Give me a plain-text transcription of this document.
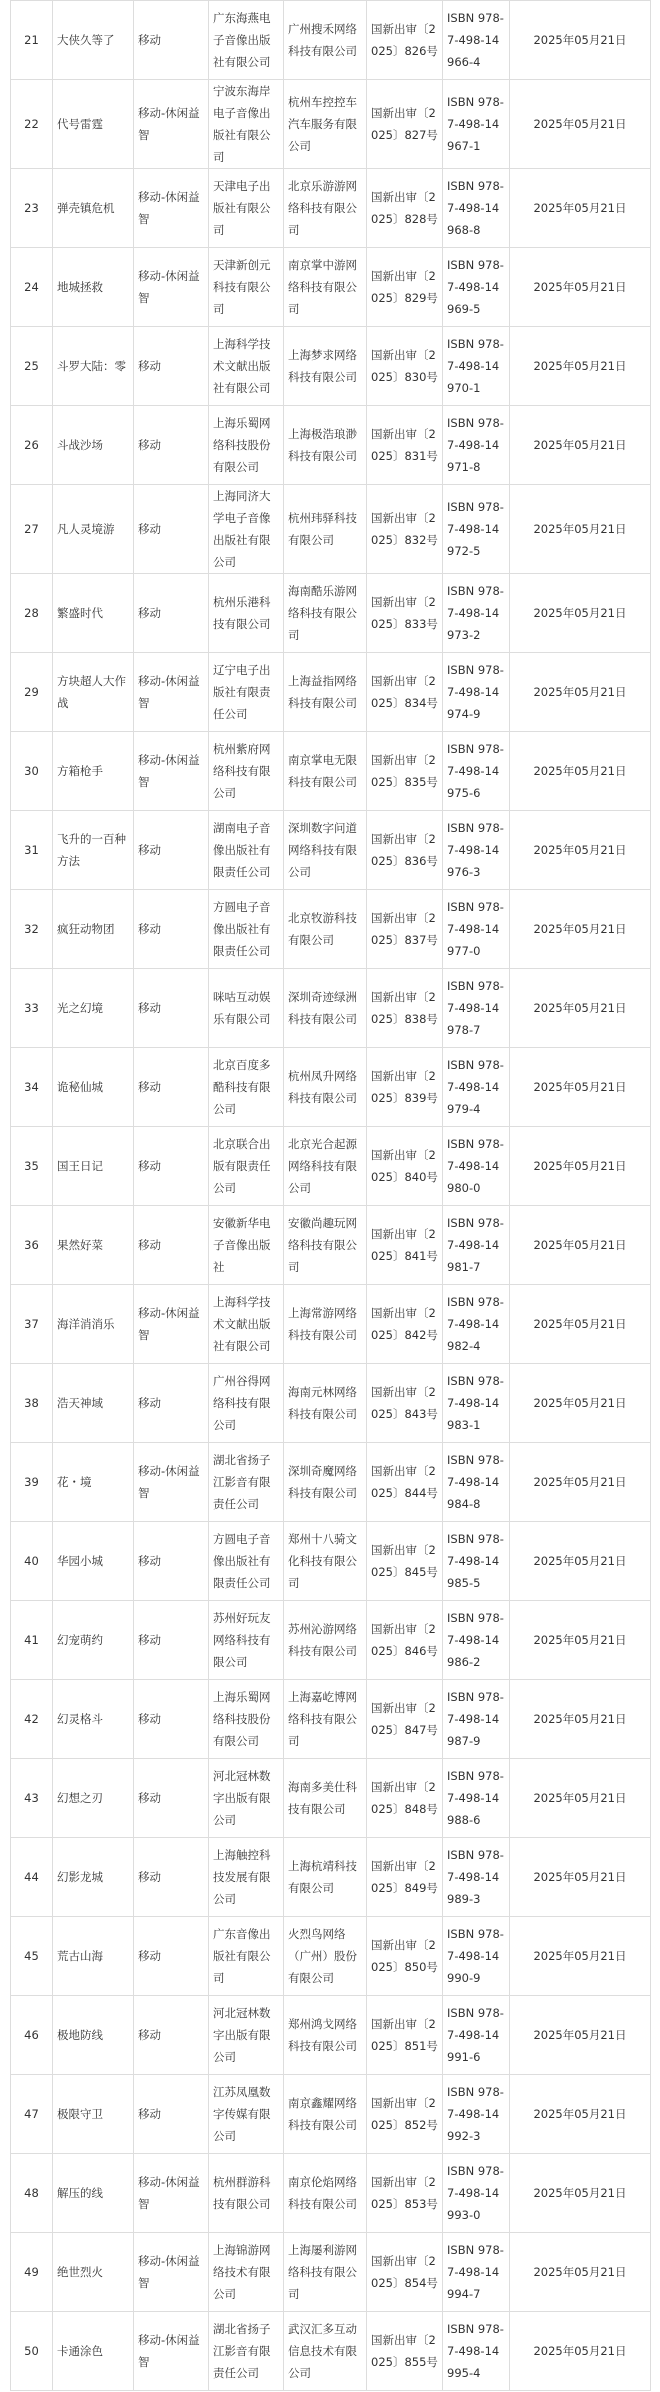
21	大侠久等了	移动	广东海燕电子音像出版社有限公司	广州搜禾网络科技有限公司	国新出审〔2025〕826号	ISBN 978-7-498-14966-4	2025年05月21日
22	代号雷霆	移动-休闲益智	宁波东海岸电子音像出版社有限公司	杭州车控控车汽车服务有限公司	国新出审〔2025〕827号	ISBN 978-7-498-14967-1	2025年05月21日
23	弹壳镇危机	移动-休闲益智	天津电子出版社有限公司	北京乐游游网络科技有限公司	国新出审〔2025〕828号	ISBN 978-7-498-14968-8	2025年05月21日
24	地城拯救	移动-休闲益智	天津新创元科技有限公司	南京掌中游网络科技有限公司	国新出审〔2025〕829号	ISBN 978-7-498-14969-5	2025年05月21日
25	斗罗大陆：零	移动	上海科学技术文献出版社有限公司	上海梦求网络科技有限公司	国新出审〔2025〕830号	ISBN 978-7-498-14970-1	2025年05月21日
26	斗战沙场	移动	上海乐蜀网络科技股份有限公司	上海极浩琅渺科技有限公司	国新出审〔2025〕831号	ISBN 978-7-498-14971-8	2025年05月21日
27	凡人灵境游	移动	上海同济大学电子音像出版社有限公司	杭州玮驿科技有限公司	国新出审〔2025〕832号	ISBN 978-7-498-14972-5	2025年05月21日
28	繁盛时代	移动	杭州乐港科技有限公司	海南酷乐游网络科技有限公司	国新出审〔2025〕833号	ISBN 978-7-498-14973-2	2025年05月21日
29	方块超人大作战	移动-休闲益智	辽宁电子出版社有限责任公司	上海益指网络科技有限公司	国新出审〔2025〕834号	ISBN 978-7-498-14974-9	2025年05月21日
30	方箱枪手	移动-休闲益智	杭州紫府网络科技有限公司	南京掌电无限科技有限公司	国新出审〔2025〕835号	ISBN 978-7-498-14975-6	2025年05月21日
31	飞升的一百种方法	移动	湖南电子音像出版社有限责任公司	深圳数字问道网络科技有限公司	国新出审〔2025〕836号	ISBN 978-7-498-14976-3	2025年05月21日
32	疯狂动物团	移动	方圆电子音像出版社有限责任公司	北京牧游科技有限公司	国新出审〔2025〕837号	ISBN 978-7-498-14977-0	2025年05月21日
33	光之幻境	移动	咪咕互动娱乐有限公司	深圳奇迹绿洲科技有限公司	国新出审〔2025〕838号	ISBN 978-7-498-14978-7	2025年05月21日
34	诡秘仙城	移动	北京百度多酷科技有限公司	杭州凤升网络科技有限公司	国新出审〔2025〕839号	ISBN 978-7-498-14979-4	2025年05月21日
35	国王日记	移动	北京联合出版有限责任公司	北京光合起源网络科技有限公司	国新出审〔2025〕840号	ISBN 978-7-498-14980-0	2025年05月21日
36	果然好菜	移动	安徽新华电子音像出版社	安徽尚趣玩网络科技有限公司	国新出审〔2025〕841号	ISBN 978-7-498-14981-7	2025年05月21日
37	海洋消消乐	移动-休闲益智	上海科学技术文献出版社有限公司	上海常游网络科技有限公司	国新出审〔2025〕842号	ISBN 978-7-498-14982-4	2025年05月21日
38	浩天神域	移动	广州谷得网络科技有限公司	海南元林网络科技有限公司	国新出审〔2025〕843号	ISBN 978-7-498-14983-1	2025年05月21日
39	花・境	移动-休闲益智	湖北省扬子江影音有限责任公司	深圳奇魔网络科技有限公司	国新出审〔2025〕844号	ISBN 978-7-498-14984-8	2025年05月21日
40	华园小城	移动	方圆电子音像出版社有限责任公司	郑州十八骑文化科技有限公司	国新出审〔2025〕845号	ISBN 978-7-498-14985-5	2025年05月21日
41	幻宠萌约	移动	苏州好玩友网络科技有限公司	苏州沁游网络科技有限公司	国新出审〔2025〕846号	ISBN 978-7-498-14986-2	2025年05月21日
42	幻灵格斗	移动	上海乐蜀网络科技股份有限公司	上海嘉屹博网络科技有限公司	国新出审〔2025〕847号	ISBN 978-7-498-14987-9	2025年05月21日
43	幻想之刃	移动	河北冠林数字出版有限公司	海南多美仕科技有限公司	国新出审〔2025〕848号	ISBN 978-7-498-14988-6	2025年05月21日
44	幻影龙城	移动	上海触控科技发展有限公司	上海杭靖科技有限公司	国新出审〔2025〕849号	ISBN 978-7-498-14989-3	2025年05月21日
45	荒古山海	移动	广东音像出版社有限公司	火烈鸟网络（广州）股份有限公司	国新出审〔2025〕850号	ISBN 978-7-498-14990-9	2025年05月21日
46	极地防线	移动	河北冠林数字出版有限公司	郑州鸿戈网络科技有限公司	国新出审〔2025〕851号	ISBN 978-7-498-14991-6	2025年05月21日
47	极限守卫	移动	江苏凤凰数字传媒有限公司	南京鑫耀网络科技有限公司	国新出审〔2025〕852号	ISBN 978-7-498-14992-3	2025年05月21日
48	解压的线	移动-休闲益智	杭州群游科技有限公司	南京伦焰网络科技有限公司	国新出审〔2025〕853号	ISBN 978-7-498-14993-0	2025年05月21日
49	绝世烈火	移动-休闲益智	上海锦游网络技术有限公司	上海屡利游网络科技有限公司	国新出审〔2025〕854号	ISBN 978-7-498-14994-7	2025年05月21日
50	卡通涂色	移动-休闲益智	湖北省扬子江影音有限责任公司	武汉汇多互动信息技术有限公司	国新出审〔2025〕855号	ISBN 978-7-498-14995-4	2025年05月21日
